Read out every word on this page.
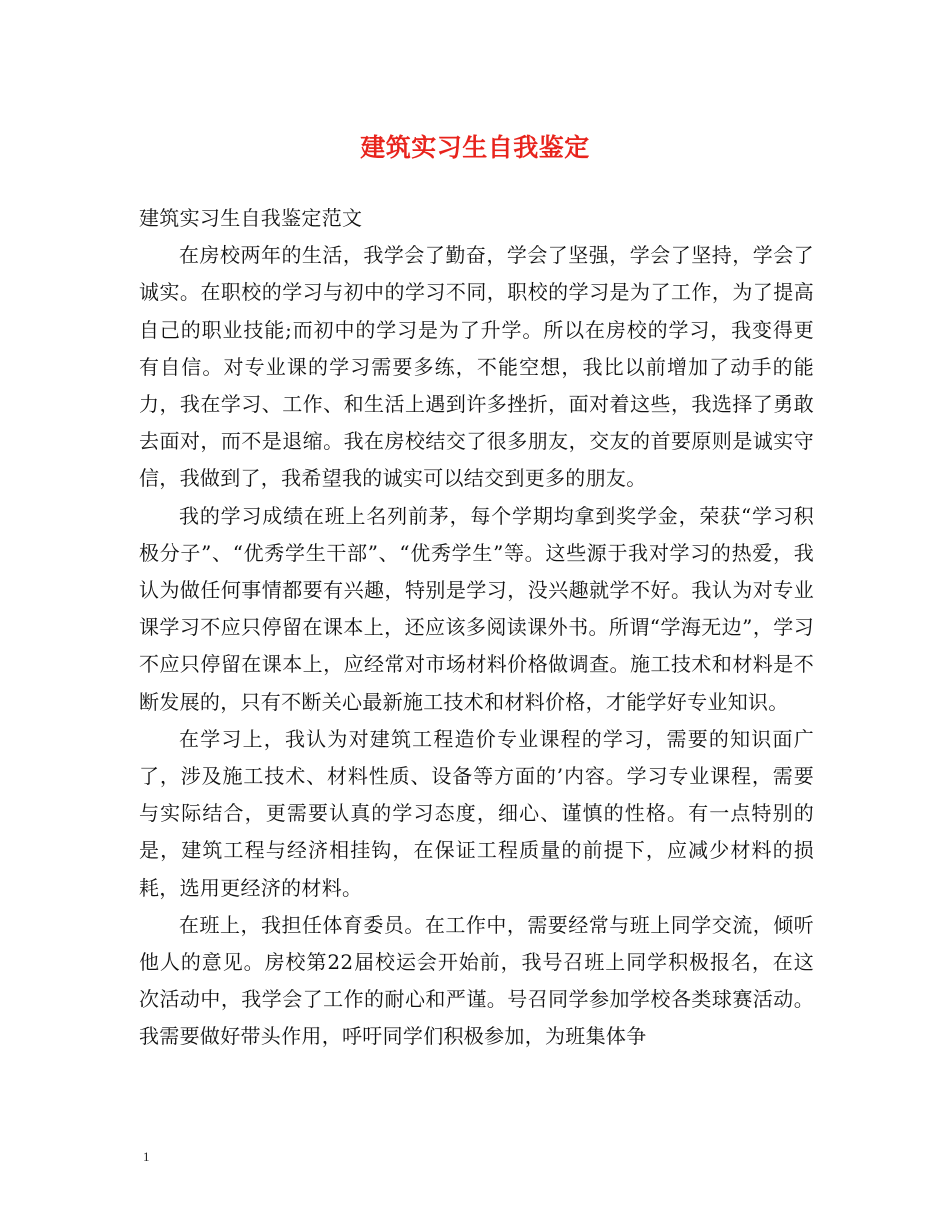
建筑实习生自我鉴定

建筑实习生自我鉴定范文

在房校两年的生活，我学会了勤奋，学会了坚强，学会了坚持，学会了诚实。在职校的学习与初中的学习不同，职校的学习是为了工作，为了提高自己的职业技能;而初中的学习是为了升学。所以在房校的学习，我变得更有自信。对专业课的学习需要多练，不能空想，我比以前增加了动手的能力，我在学习、工作、和生活上遇到许多挫折，面对着这些，我选择了勇敢去面对，而不是退缩。我在房校结交了很多朋友，交友的首要原则是诚实守信，我做到了，我希望我的诚实可以结交到更多的朋友。

我的学习成绩在班上名列前茅，每个学期均拿到奖学金，荣获“学习积极分子”、“优秀学生干部”、“优秀学生”等。这些源于我对学习的热爱，我认为做任何事情都要有兴趣，特别是学习，没兴趣就学不好。我认为对专业课学习不应只停留在课本上，还应该多阅读课外书。所谓“学海无边”，学习不应只停留在课本上，应经常对市场材料价格做调查。施工技术和材料是不断发展的，只有不断关心最新施工技术和材料价格，才能学好专业知识。

在学习上，我认为对建筑工程造价专业课程的学习，需要的知识面广了，涉及施工技术、材料性质、设备等方面的’内容。学习专业课程，需要与实际结合，更需要认真的学习态度，细心、谨慎的性格。有一点特别的是，建筑工程与经济相挂钩，在保证工程质量的前提下，应减少材料的损耗，选用更经济的材料。

在班上，我担任体育委员。在工作中，需要经常与班上同学交流，倾听他人的意见。房校第22届校运会开始前，我号召班上同学积极报名，在这次活动中，我学会了工作的耐心和严谨。号召同学参加学校各类球赛活动。我需要做好带头作用，呼吁同学们积极参加，为班集体争

1
